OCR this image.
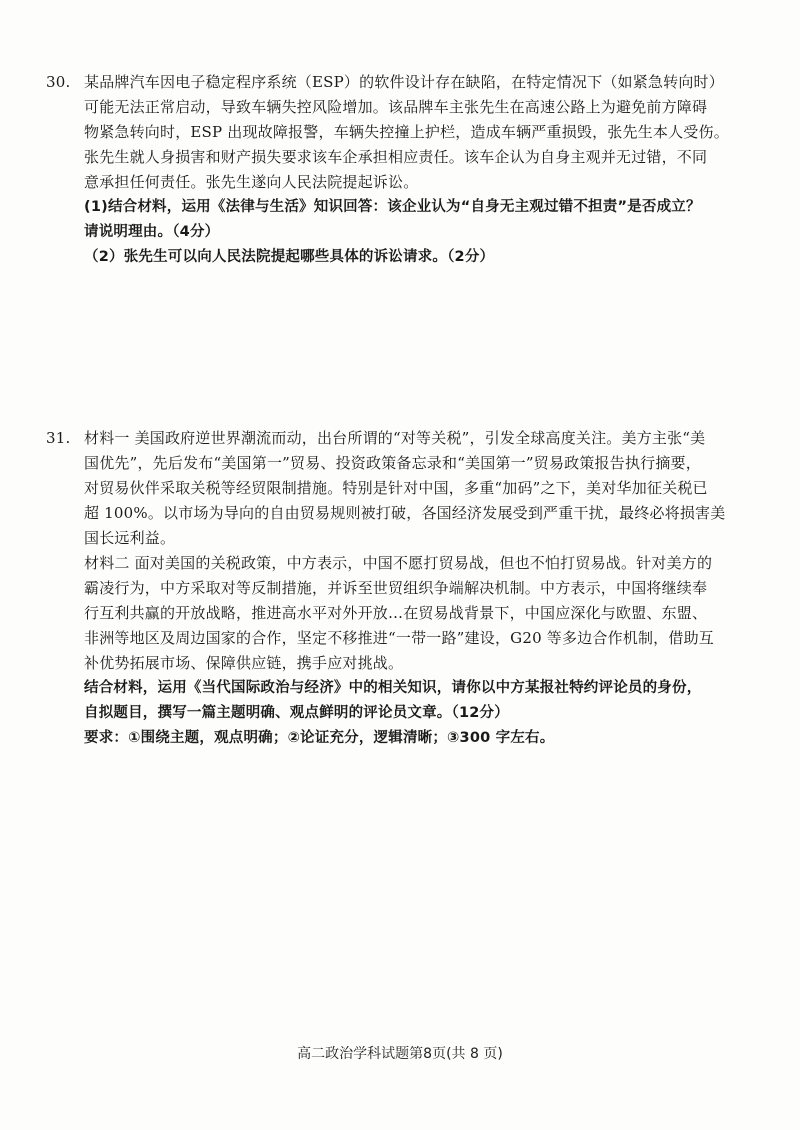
30. 某品牌汽车因电子稳定程序系统（ESP）的软件设计存在缺陷，在特定情况下（如紧急转向时）
可能无法正常启动，导致车辆失控风险增加。该品牌车主张先生在高速公路上为避免前方障碍
物紧急转向时，ESP 出现故障报警，车辆失控撞上护栏，造成车辆严重损毁，张先生本人受伤。
张先生就人身损害和财产损失要求该车企承担相应责任。该车企认为自身主观并无过错，不同
意承担任何责任。张先生遂向人民法院提起诉讼。
(1)结合材料，运用《法律与生活》知识回答：该企业认为“自身无主观过错不担责”是否成立？
请说明理由。（4分）
（2）张先生可以向人民法院提起哪些具体的诉讼请求。（2分）
31. 材料一 美国政府逆世界潮流而动，出台所谓的“对等关税”，引发全球高度关注。美方主张“美
国优先”，先后发布“美国第一”贸易、投资政策备忘录和“美国第一”贸易政策报告执行摘要，
对贸易伙伴采取关税等经贸限制措施。特别是针对中国，多重“加码”之下，美对华加征关税已
超 100%。以市场为导向的自由贸易规则被打破，各国经济发展受到严重干扰，最终必将损害美
国长远利益。
材料二 面对美国的关税政策，中方表示，中国不愿打贸易战，但也不怕打贸易战。针对美方的
霸凌行为，中方采取对等反制措施，并诉至世贸组织争端解决机制。中方表示，中国将继续奉
行互利共赢的开放战略，推进高水平对外开放…在贸易战背景下，中国应深化与欧盟、东盟、
非洲等地区及周边国家的合作，坚定不移推进“一带一路”建设，G20 等多边合作机制，借助互
补优势拓展市场、保障供应链，携手应对挑战。
结合材料，运用《当代国际政治与经济》中的相关知识，请你以中方某报社特约评论员的身份，
自拟题目，撰写一篇主题明确、观点鲜明的评论员文章。（12分）
要求：①围绕主题，观点明确；②论证充分，逻辑清晰；③300 字左右。
高二政治学科试题第8页(共 8 页)
